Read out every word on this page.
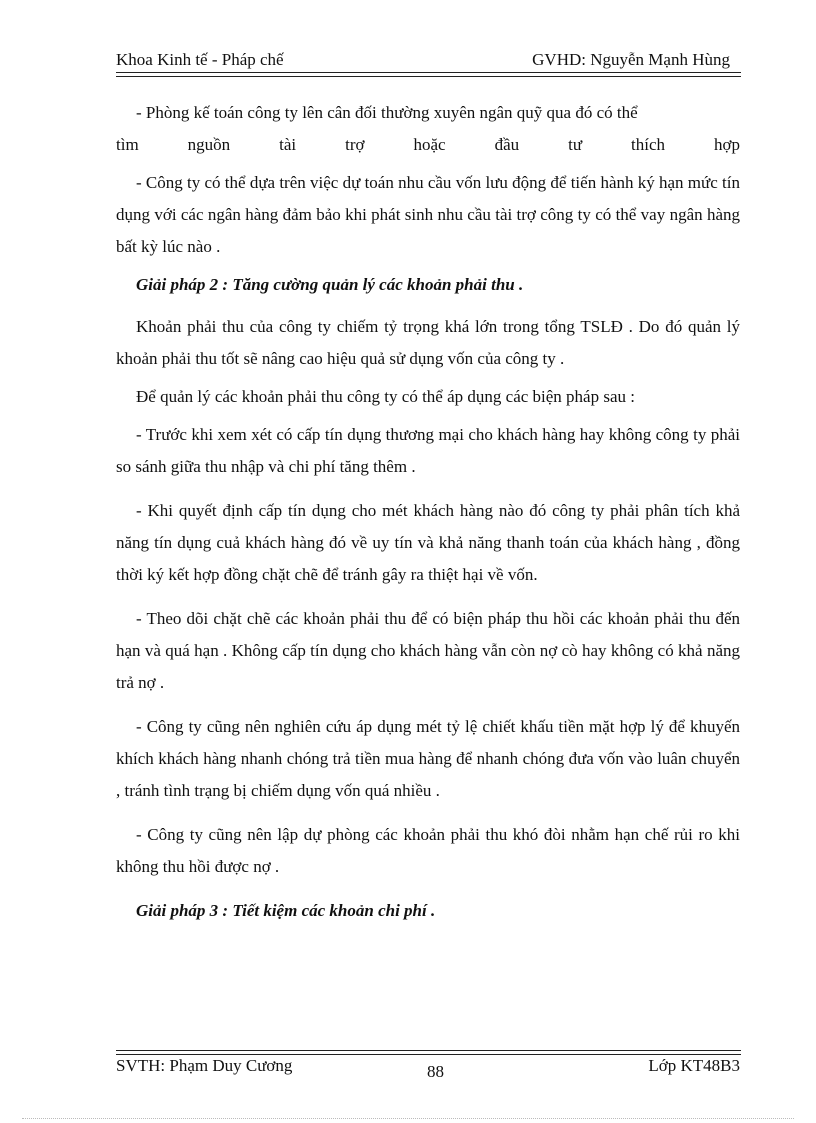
Khoa Kinh tế - Pháp chế	GVHD: Nguyễn Mạnh Hùng

- Phòng kế toán công ty lên cân đối thường xuyên ngân quỹ qua đó có thể

tìm	nguồn	tài	trợ	hoặc	đầu	tư	thích	hợp

- Công ty có thể dựa trên việc dự toán nhu cầu vốn lưu động để tiến hành ký hạn mức tín dụng với các ngân hàng đảm bảo khi phát sinh nhu cầu tài trợ công ty có thể vay ngân hàng bất kỳ lúc nào .

Giải pháp 2 : Tăng cường quản lý các khoản phải thu .

Khoản phải thu của công ty chiếm tỷ trọng khá lớn trong tổng TSLĐ . Do đó quản lý khoản phải thu tốt sẽ nâng cao hiệu quả sử dụng vốn của công ty .

Để quản lý các khoản phải thu công ty có thể áp dụng các biện pháp sau :

- Trước khi xem xét có cấp tín dụng thương mại cho khách hàng hay không công ty phải so sánh giữa thu nhập và chi phí tăng thêm .

- Khi quyết định cấp tín dụng cho mét khách hàng nào đó công ty phải phân tích khả năng tín dụng cuả khách hàng đó về uy tín và khả năng thanh toán của khách hàng , đồng thời ký kết hợp đồng chặt chẽ để tránh gây ra thiệt hại về vốn.

- Theo dõi chặt chẽ các khoản phải thu để có biện pháp thu hồi các khoản phải thu đến hạn và quá hạn . Không cấp tín dụng cho khách hàng vẫn còn nợ cò hay không có khả năng trả nợ .

- Công ty cũng nên nghiên cứu áp dụng mét tỷ lệ chiết khấu tiền mặt hợp lý để khuyến khích khách hàng nhanh chóng trả tiền mua hàng để nhanh chóng đưa vốn vào luân chuyển , tránh tình trạng bị chiếm dụng vốn quá nhiều .

- Công ty cũng nên lập dự phòng các khoản phải thu khó đòi nhằm hạn chế rủi ro khi không thu hồi được nợ .

Giải pháp 3 : Tiết kiệm các khoản chi phí .

SVTH: Phạm Duy Cương	88	Lớp KT48B3
